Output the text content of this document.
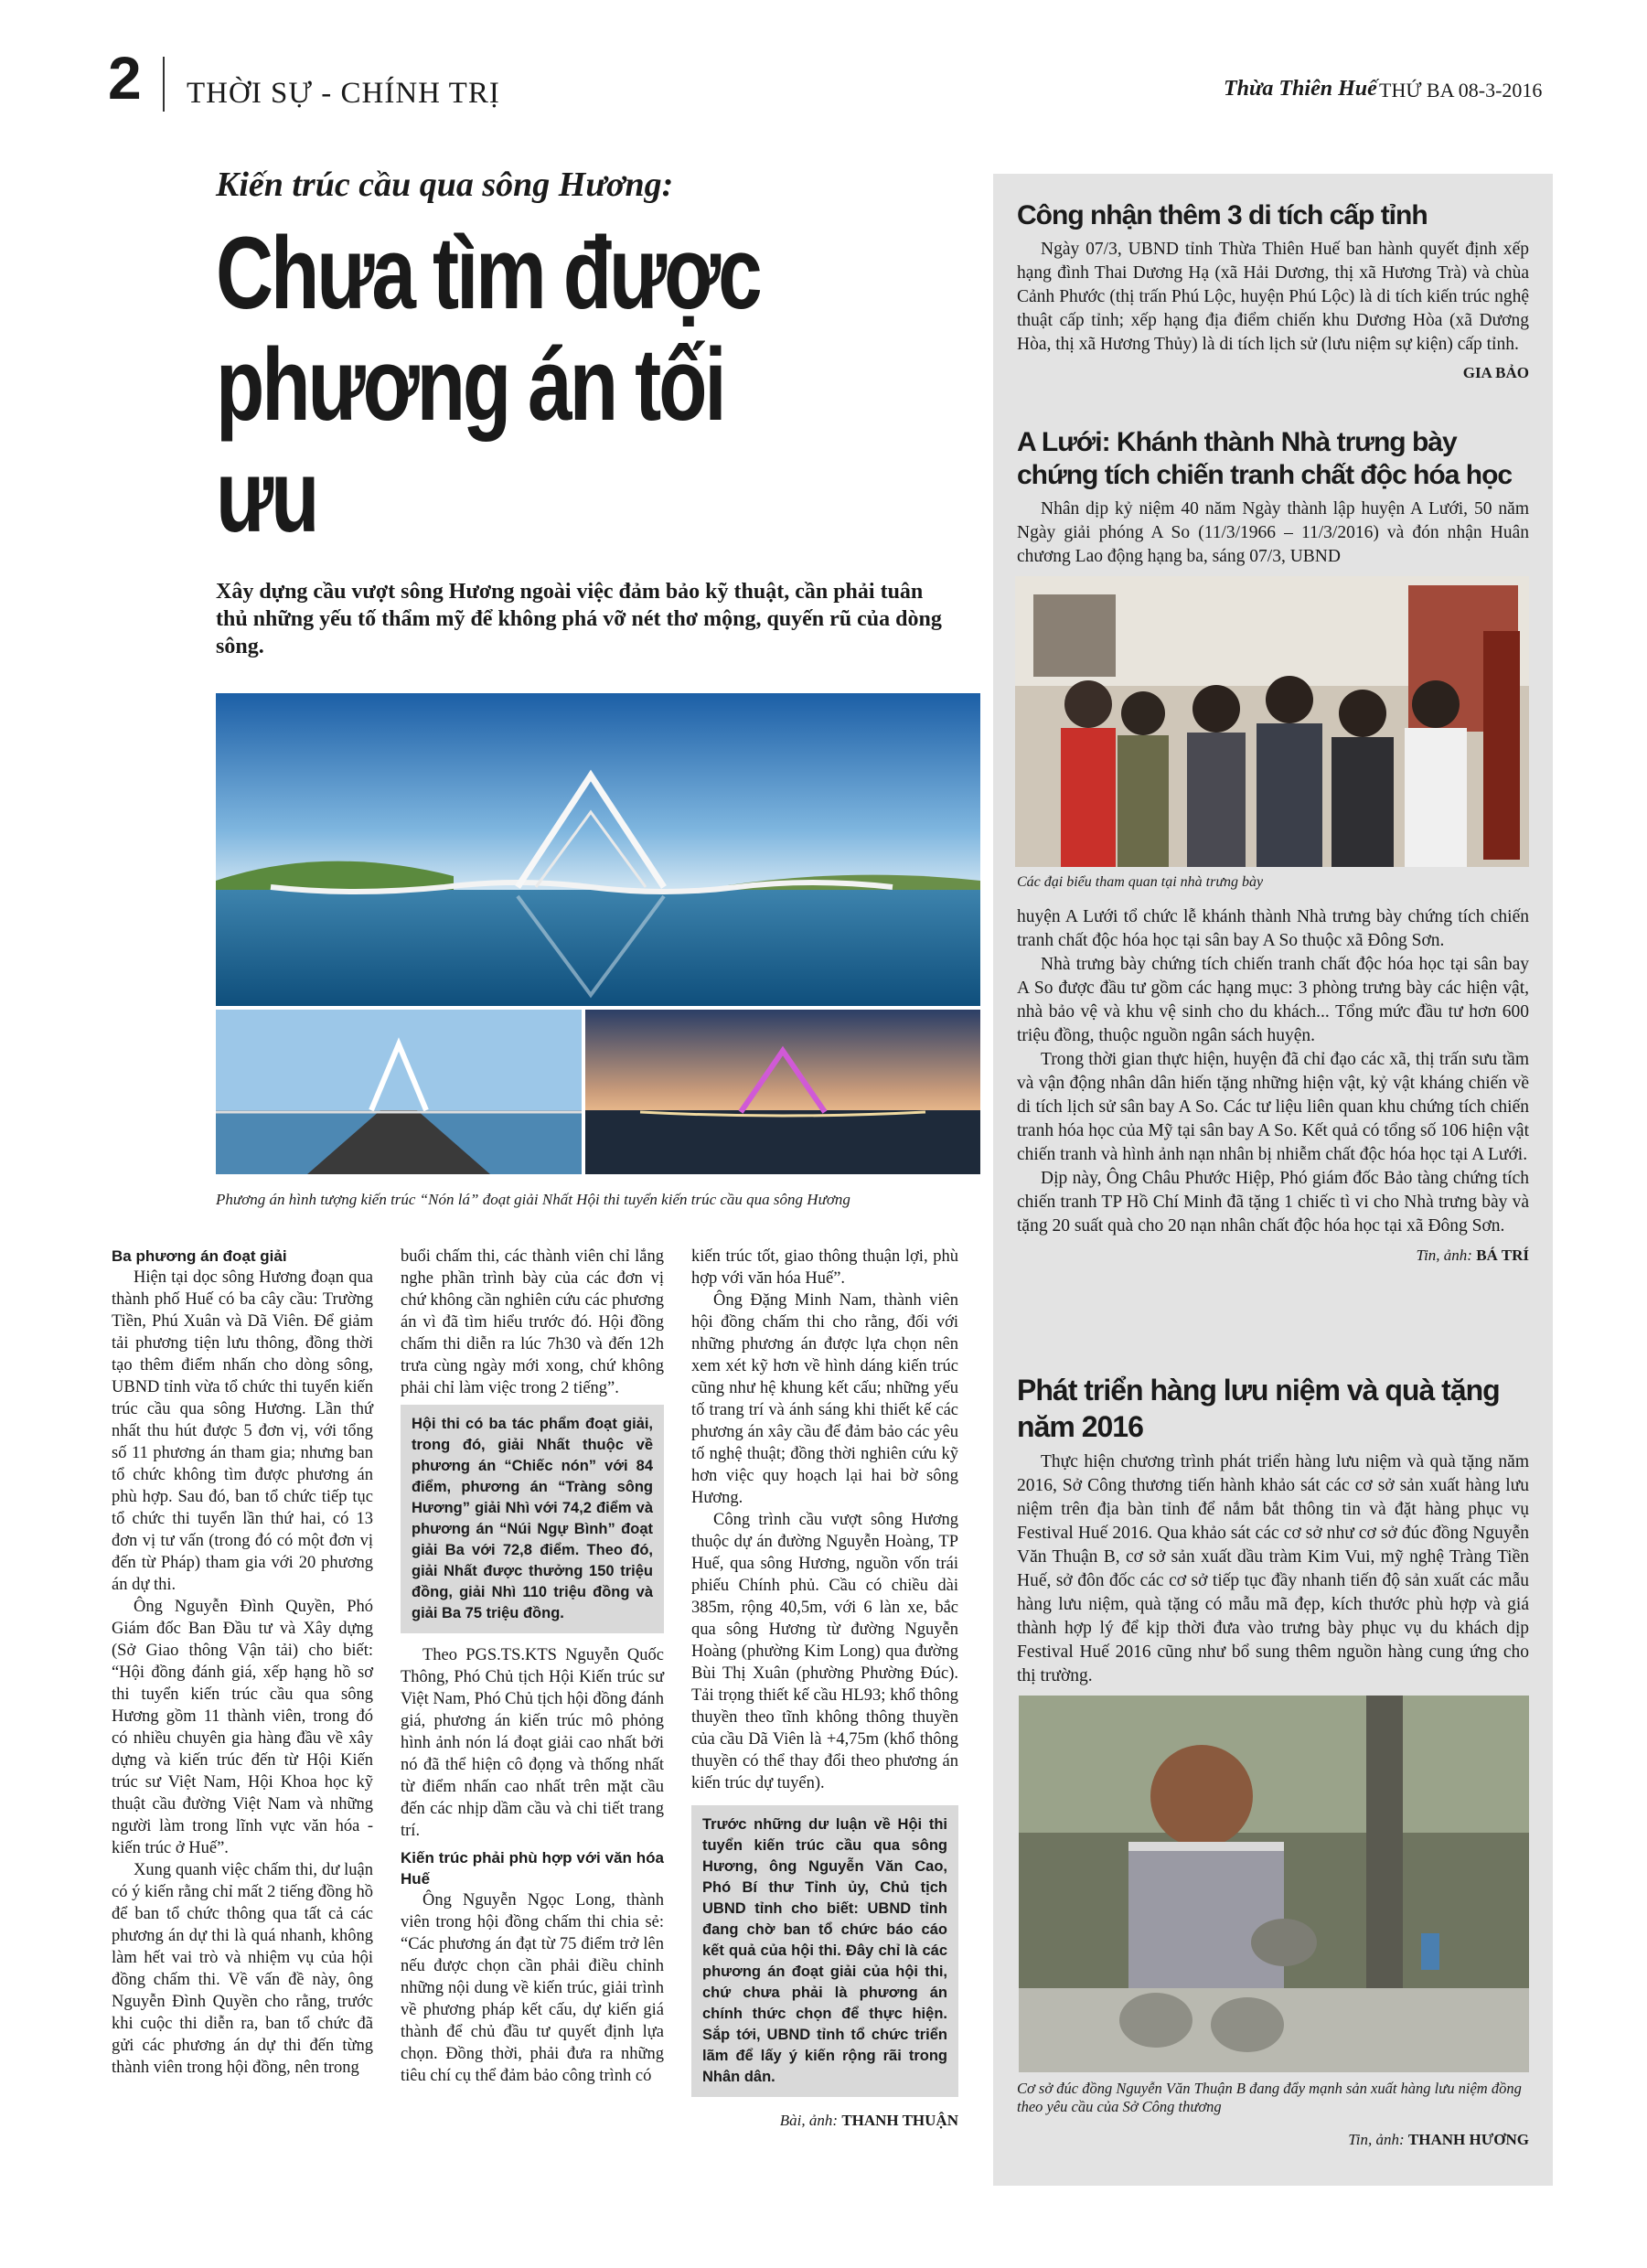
2 THỜI SỰ - CHÍNH TRỊ	Thừa Thiên Huế THỨ BA 08-3-2016
Kiến trúc cầu qua sông Hương:
Chưa tìm được
phương án tối ưu
Xây dựng cầu vượt sông Hương ngoài việc đảm bảo kỹ thuật, cần phải tuân thủ những yếu tố thẩm mỹ để không phá vỡ nét thơ mộng, quyến rũ của dòng sông.
Phương án hình tượng kiến trúc “Nón lá” đoạt giải Nhất Hội thi tuyển kiến trúc cầu qua sông Hương
Ba phương án đoạt giải

Hiện tại dọc sông Hương đoạn qua thành phố Huế có ba cây cầu: Trường Tiền, Phú Xuân và Dã Viên. Để giảm tải phương tiện lưu thông, đồng thời tạo thêm điểm nhấn cho dòng sông, UBND tỉnh vừa tổ chức thi tuyển kiến trúc cầu qua sông Hương. Lần thứ nhất thu hút được 5 đơn vị, với tổng số 11 phương án tham gia; nhưng ban tổ chức không tìm được phương án phù hợp. Sau đó, ban tổ chức tiếp tục tổ chức thi tuyển lần thứ hai, có 13 đơn vị tư vấn (trong đó có một đơn vị đến từ Pháp) tham gia với 20 phương án dự thi.

Ông Nguyễn Đình Quyền, Phó Giám đốc Ban Đầu tư và Xây dựng (Sở Giao thông Vận tải) cho biết: “Hội đồng đánh giá, xếp hạng hồ sơ thi tuyển kiến trúc cầu qua sông Hương gồm 11 thành viên, trong đó có nhiều chuyên gia hàng đầu về xây dựng và kiến trúc đến từ Hội Kiến trúc sư Việt Nam, Hội Khoa học kỹ thuật cầu đường Việt Nam và những người làm trong lĩnh vực văn hóa - kiến trúc ở Huế”.

Xung quanh việc chấm thi, dư luận có ý kiến rằng chỉ mất 2 tiếng đồng hồ để ban tổ chức thông qua tất cả các phương án dự thi là quá nhanh, không làm hết vai trò và nhiệm vụ của hội đồng chấm thi. Về vấn đề này, ông Nguyễn Đình Quyền cho rằng, trước khi cuộc thi diễn ra, ban tổ chức đã gửi các phương án dự thi đến từng thành viên trong hội đồng, nên trong

buổi chấm thi, các thành viên chỉ lắng nghe phần trình bày của các đơn vị chứ không cần nghiên cứu các phương án vì đã tìm hiểu trước đó. Hội đồng chấm thi diễn ra lúc 7h30 và đến 12h trưa cùng ngày mới xong, chứ không phải chỉ làm việc trong 2 tiếng”.

Hội thi có ba tác phẩm đoạt giải, trong đó, giải Nhất thuộc về phương án “Chiếc nón” với 84 điểm, phương án “Tràng sông Hương” giải Nhì với 74,2 điểm và phương án “Núi Ngự Bình” đoạt giải Ba với 72,8 điểm. Theo đó, giải Nhất được thưởng 150 triệu đồng, giải Nhì 110 triệu đồng và giải Ba 75 triệu đồng.

Theo PGS.TS.KTS Nguyễn Quốc Thông, Phó Chủ tịch Hội Kiến trúc sư Việt Nam, Phó Chủ tịch hội đồng đánh giá, phương án kiến trúc mô phỏng hình ảnh nón lá đoạt giải cao nhất bởi nó đã thể hiện cô đọng và thống nhất từ điểm nhấn cao nhất trên mặt cầu đến các nhịp dầm cầu và chi tiết trang trí.

Kiến trúc phải phù hợp với văn hóa Huế

Ông Nguyễn Ngọc Long, thành viên trong hội đồng chấm thi chia sẻ: “Các phương án đạt từ 75 điểm trở lên nếu được chọn cần phải điều chỉnh những nội dung về kiến trúc, giải trình về phương pháp kết cấu, dự kiến giá thành để chủ đầu tư quyết định lựa chọn. Đồng thời, phải đưa ra những tiêu chí cụ thể đảm bảo công trình có

kiến trúc tốt, giao thông thuận lợi, phù hợp với văn hóa Huế”.

Ông Đặng Minh Nam, thành viên hội đồng chấm thi cho rằng, đối với những phương án được lựa chọn nên xem xét kỹ hơn về hình dáng kiến trúc cũng như hệ khung kết cấu; những yếu tố trang trí và ánh sáng khi thiết kế các phương án xây cầu để đảm bảo các yêu tố nghệ thuật; đồng thời nghiên cứu kỹ hơn việc quy hoạch lại hai bờ sông Hương.

Công trình cầu vượt sông Hương thuộc dự án đường Nguyễn Hoàng, TP Huế, qua sông Hương, nguồn vốn trái phiếu Chính phủ. Cầu có chiều dài 385m, rộng 40,5m, với 6 làn xe, bắc qua sông Hương từ đường Nguyễn Hoàng (phường Kim Long) qua đường Bùi Thị Xuân (phường Phường Đúc). Tải trọng thiết kế cầu HL93; khổ thông thuyền theo tĩnh không thông thuyền của cầu Dã Viên là +4,75m (khổ thông thuyền có thể thay đổi theo phương án kiến trúc dự tuyển).

Trước những dư luận về Hội thi tuyển kiến trúc cầu qua sông Hương, ông Nguyễn Văn Cao, Phó Bí thư Tỉnh ủy, Chủ tịch UBND tỉnh cho biết: UBND tỉnh đang chờ ban tổ chức báo cáo kết quả của hội thi. Đây chỉ là các phương án đoạt giải của hội thi, chứ chưa phải là phương án chính thức chọn để thực hiện. Sắp tới, UBND tỉnh tổ chức triển lãm để lấy ý kiến rộng rãi trong Nhân dân.
Bài, ảnh: THANH THUẬN
Công nhận thêm 3 di tích cấp tỉnh

Ngày 07/3, UBND tỉnh Thừa Thiên Huế ban hành quyết định xếp hạng đình Thai Dương Hạ (xã Hải Dương, thị xã Hương Trà) và chùa Cảnh Phước (thị trấn Phú Lộc, huyện Phú Lộc) là di tích kiến trúc nghệ thuật cấp tỉnh; xếp hạng địa điểm chiến khu Dương Hòa (xã Dương Hòa, thị xã Hương Thủy) là di tích lịch sử (lưu niệm sự kiện) cấp tỉnh.

GIA BẢO
A Lưới: Khánh thành Nhà trưng bày chứng tích chiến tranh chất độc hóa học

Nhân dịp kỷ niệm 40 năm Ngày thành lập huyện A Lưới, 50 năm Ngày giải phóng A So (11/3/1966 – 11/3/2016) và đón nhận Huân chương Lao động hạng ba, sáng 07/3, UBND

Các đại biểu tham quan tại nhà trưng bày

huyện A Lưới tổ chức lễ khánh thành Nhà trưng bày chứng tích chiến tranh chất độc hóa học tại sân bay A So thuộc xã Đông Sơn.

Nhà trưng bày chứng tích chiến tranh chất độc hóa học tại sân bay A So được đầu tư gồm các hạng mục: 3 phòng trưng bày các hiện vật, nhà bảo vệ và khu vệ sinh cho du khách... Tổng mức đầu tư hơn 600 triệu đồng, thuộc nguồn ngân sách huyện.

Trong thời gian thực hiện, huyện đã chỉ đạo các xã, thị trấn sưu tầm và vận động nhân dân hiến tặng những hiện vật, kỷ vật kháng chiến về di tích lịch sử sân bay A So. Các tư liệu liên quan khu chứng tích chiến tranh hóa học của Mỹ tại sân bay A So. Kết quả có tổng số 106 hiện vật chiến tranh và hình ảnh nạn nhân bị nhiễm chất độc hóa học tại A Lưới.

Dịp này, Ông Châu Phước Hiệp, Phó giám đốc Bảo tàng chứng tích chiến tranh TP Hồ Chí Minh đã tặng 1 chiếc tì vi cho Nhà trưng bày và tặng 20 suất quà cho 20 nạn nhân chất độc hóa học tại xã Đông Sơn.

Tin, ảnh: BÁ TRÍ
Phát triển hàng lưu niệm và quà tặng năm 2016

Thực hiện chương trình phát triển hàng lưu niệm và quà tặng năm 2016, Sở Công thương tiến hành khảo sát các cơ sở sản xuất hàng lưu niệm trên địa bàn tỉnh để nắm bắt thông tin và đặt hàng phục vụ Festival Huế 2016. Qua khảo sát các cơ sở như cơ sở đúc đồng Nguyễn Văn Thuận B, cơ sở sản xuất dầu tràm Kim Vui, mỹ nghệ Tràng Tiền Huế, sở đôn đốc các cơ sở tiếp tục đầy nhanh tiến độ sản xuất các mẫu hàng lưu niệm, quà tặng có mẫu mã đẹp, kích thước phù hợp và giá thành hợp lý để kịp thời đưa vào trưng bày phục vụ du khách dịp Festival Huế 2016 cũng như bổ sung thêm nguồn hàng cung ứng cho thị trường.

Cơ sở đúc đồng Nguyễn Văn Thuận B đang đẩy mạnh sản xuất hàng lưu niệm đồng theo yêu cầu của Sở Công thương
Tin, ảnh: THANH HƯƠNG
